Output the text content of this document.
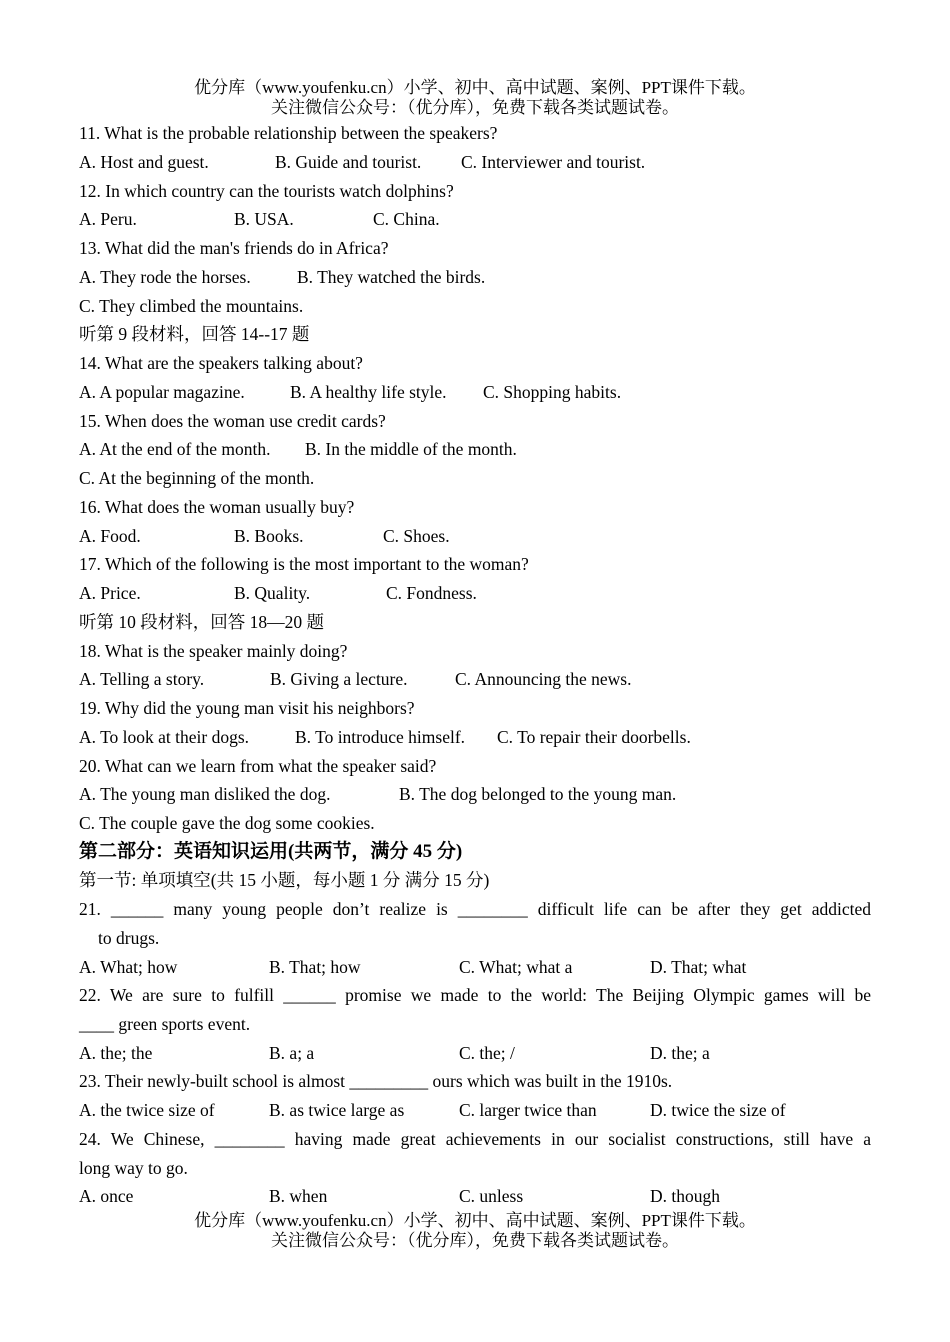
优分库（www.youfenku.cn）小学、初中、高中试题、案例、PPT课件下载。
关注微信公众号：（优分库），免费下载各类试题试卷。
11. What is the probable relationship between the speakers?
A. Host and guest.	B. Guide and tourist. C. Interviewer and tourist.
12. In which country can the tourists watch dolphins?
A. Peru.	B. USA.	C. China.
13. What did the man's friends do in Africa?
A. They rode the horses.	B. They watched the birds.
C. They climbed the mountains.
听第 9 段材料，回答 14--17 题
14. What are the speakers talking about?
A. A popular magazine.	B. A healthy life style. C. Shopping habits.
15. When does the woman use credit cards?
A. At the end of the month. B. In the middle of the month.
C. At the beginning of the month.
16. What does the woman usually buy?
A. Food.	B. Books.	C. Shoes.
17. Which of the following is the most important to the woman?
A. Price.	B. Quality.	C. Fondness.
听第 10 段材料，回答 18—20 题
18. What is the speaker mainly doing?
A. Telling a story.	B. Giving a lecture.	C. Announcing the news.
19. Why did the young man visit his neighbors?
A. To look at their dogs.	B. To introduce himself. C. To repair their doorbells.
20. What can we learn from what the speaker said?
A. The young man disliked the dog.	B. The dog belonged to the young man.
C. The couple gave the dog some cookies.
第二部分：英语知识运用(共两节，满分 45 分)
第一节: 单项填空(共 15 小题，每小题 1 分 满分 15 分)
21. ______ many young people don’t realize is ________ difficult life can be after they get addicted
to drugs.
A. What; how	B. That; how	C. What; what a	D. That; what
22. We are sure to fulfill ______ promise we made to the world: The Beijing Olympic games will be
____ green sports event.
A. the; the	B. a; a	C. the; /	D. the; a
23. Their newly-built school is almost _________ ours which was built in the 1910s.
A. the twice size of	B. as twice large as	C. larger twice than	D. twice the size of
24. We Chinese, ________ having made great achievements in our socialist constructions, still have a
long way to go.
A. once	B. when	C. unless	D. though
优分库（www.youfenku.cn）小学、初中、高中试题、案例、PPT课件下载。
关注微信公众号：（优分库），免费下载各类试题试卷。
